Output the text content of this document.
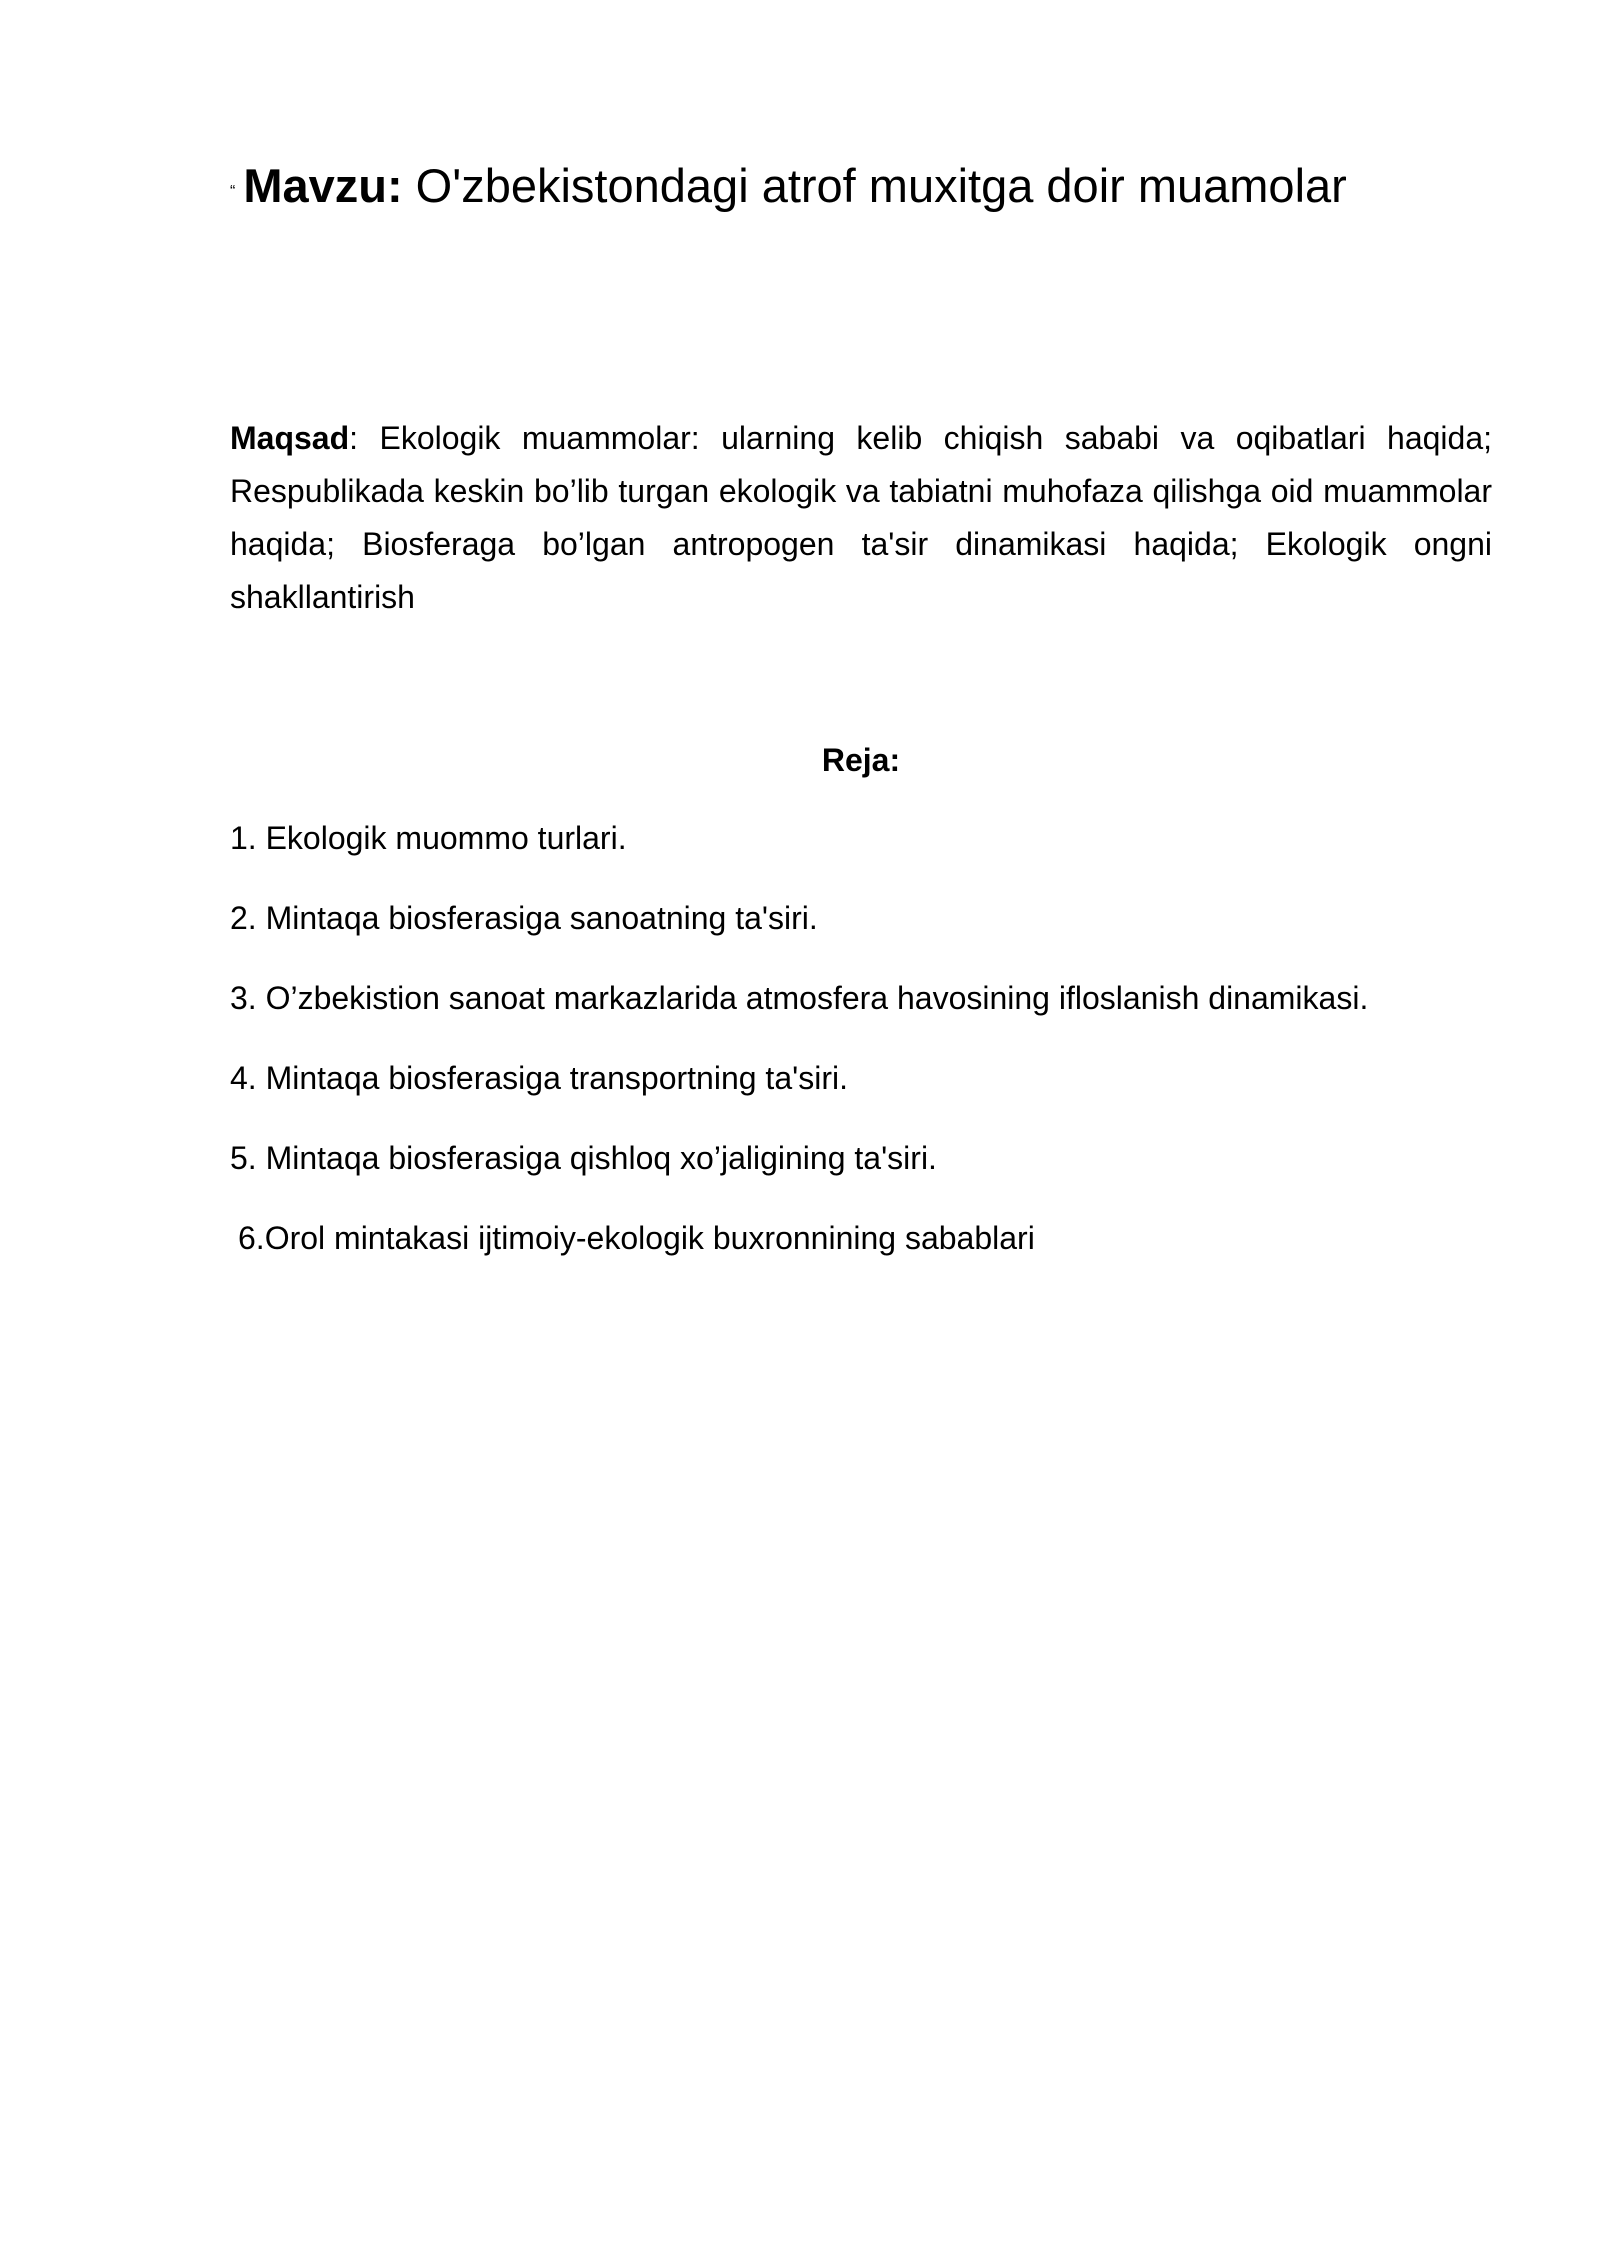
“ Mavzu: O'zbekistondagi atrof muxitga doir muamolar
Maqsad: Ekologik muammolar: ularning kelib chiqish sababi va oqibatlari haqida; Respublikada keskin bo’lib turgan ekologik va tabiatni muhofaza qilishga oid muammolar haqida; Biosferaga bo’lgan antropogen ta'sir dinamikasi haqida; Ekologik ongni shakllantirish
Reja:
1. Ekologik muommo turlari.
2. Mintaqa biosferasiga sanoatning ta'siri.
3. O’zbekistion sanoat markazlarida atmosfera havosining ifloslanish dinamikasi.
4. Mintaqa biosferasiga transportning ta'siri.
5. Mintaqa biosferasiga qishloq xo’jaligining ta'siri.
6.Orol mintakasi ijtimoiy-ekologik buxronnining sabablari
